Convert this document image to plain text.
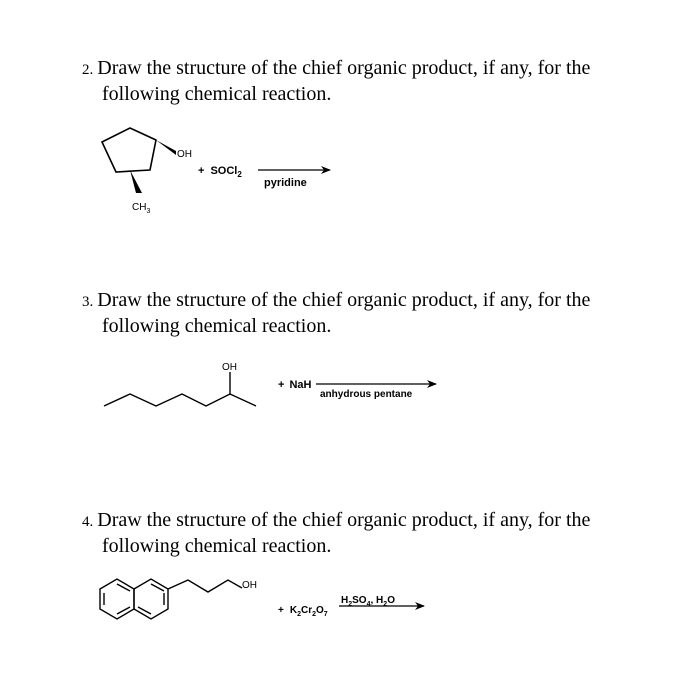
2. Draw the structure of the chief organic product, if any, for the
following chemical reaction.
3. Draw the structure of the chief organic product, if any, for the
following chemical reaction.
4. Draw the structure of the chief organic product, if any, for the
following chemical reaction.
OH
$CH_3$
+ SOCl$_2$
pyridine
OH
+ NaH
anhydrous pentane
OH
+ $K_2Cr_2O_7$
$H_2SO_4$, $H_2O$
